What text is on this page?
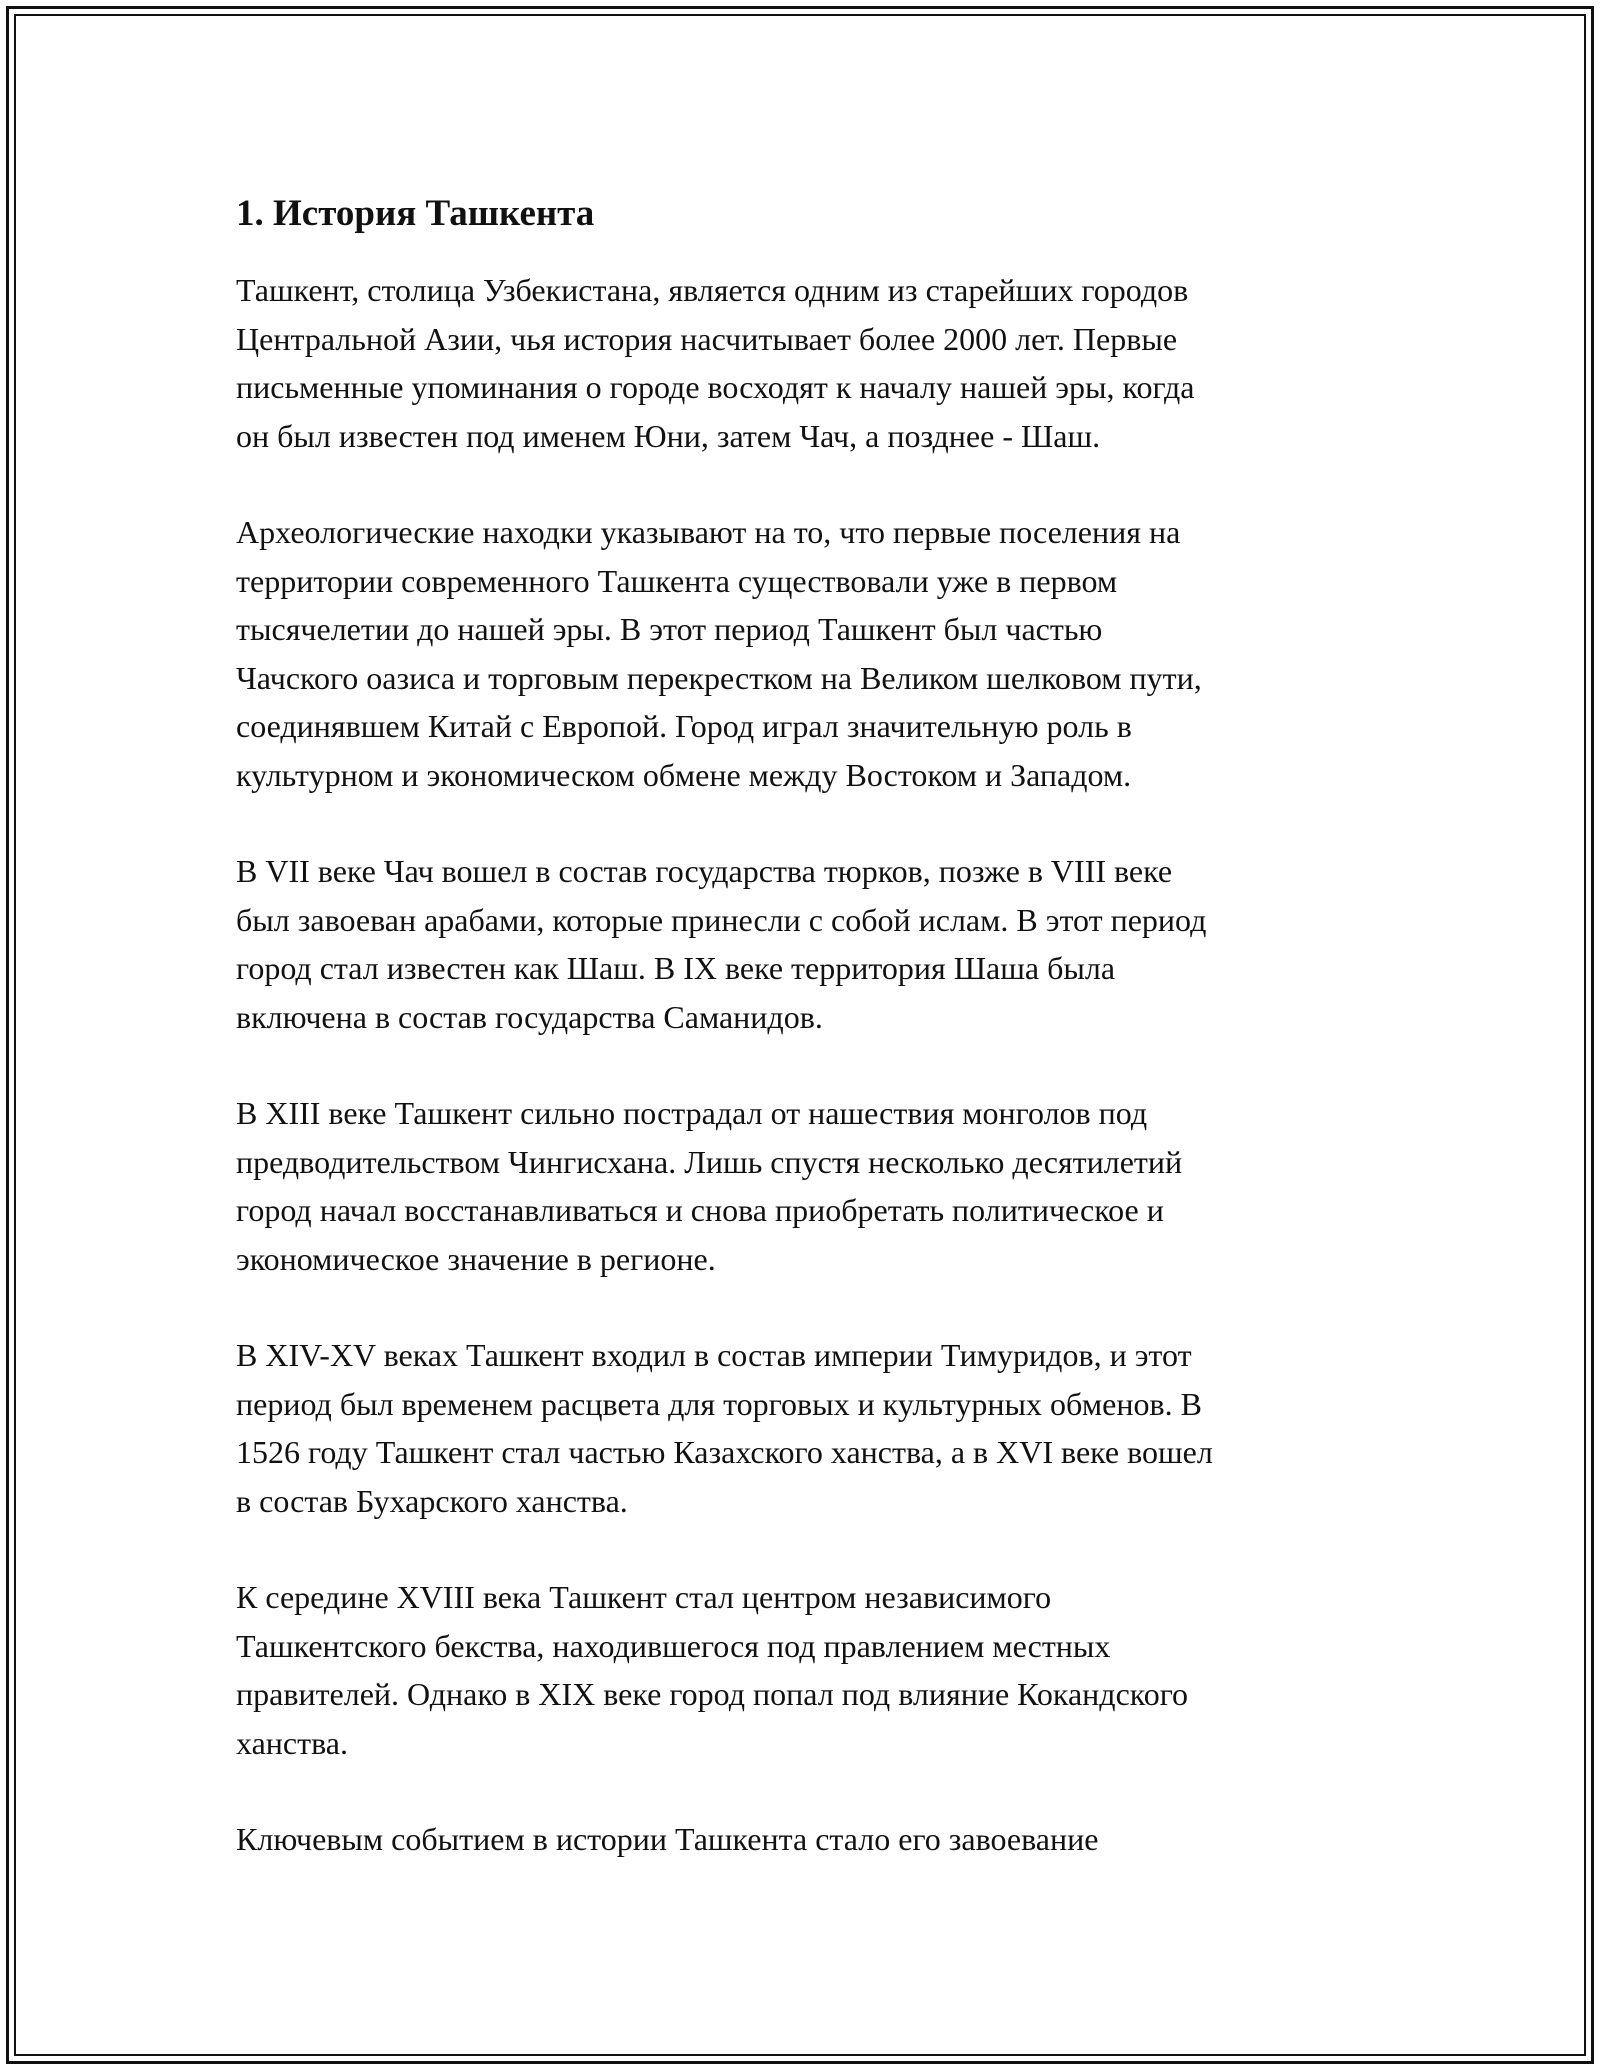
1. История Ташкента

Ташкент, столица Узбекистана, является одним из старейших городов
Центральной Азии, чья история насчитывает более 2000 лет. Первые
письменные упоминания о городе восходят к началу нашей эры, когда
он был известен под именем Юни, затем Чач, а позднее - Шаш.

Археологические находки указывают на то, что первые поселения на
территории современного Ташкента существовали уже в первом
тысячелетии до нашей эры. В этот период Ташкент был частью
Чачского оазиса и торговым перекрестком на Великом шелковом пути,
соединявшем Китай с Европой. Город играл значительную роль в
культурном и экономическом обмене между Востоком и Западом.

В VII веке Чач вошел в состав государства тюрков, позже в VIII веке
был завоеван арабами, которые принесли с собой ислам. В этот период
город стал известен как Шаш. В IX веке территория Шаша была
включена в состав государства Саманидов.

В XIII веке Ташкент сильно пострадал от нашествия монголов под
предводительством Чингисхана. Лишь спустя несколько десятилетий
город начал восстанавливаться и снова приобретать политическое и
экономическое значение в регионе.

В XIV-XV веках Ташкент входил в состав империи Тимуридов, и этот
период был временем расцвета для торговых и культурных обменов. В
1526 году Ташкент стал частью Казахского ханства, а в XVI веке вошел
в состав Бухарского ханства.

К середине XVIII века Ташкент стал центром независимого
Ташкентского бекства, находившегося под правлением местных
правителей. Однако в XIX веке город попал под влияние Кокандского
ханства.

Ключевым событием в истории Ташкента стало его завоевание
